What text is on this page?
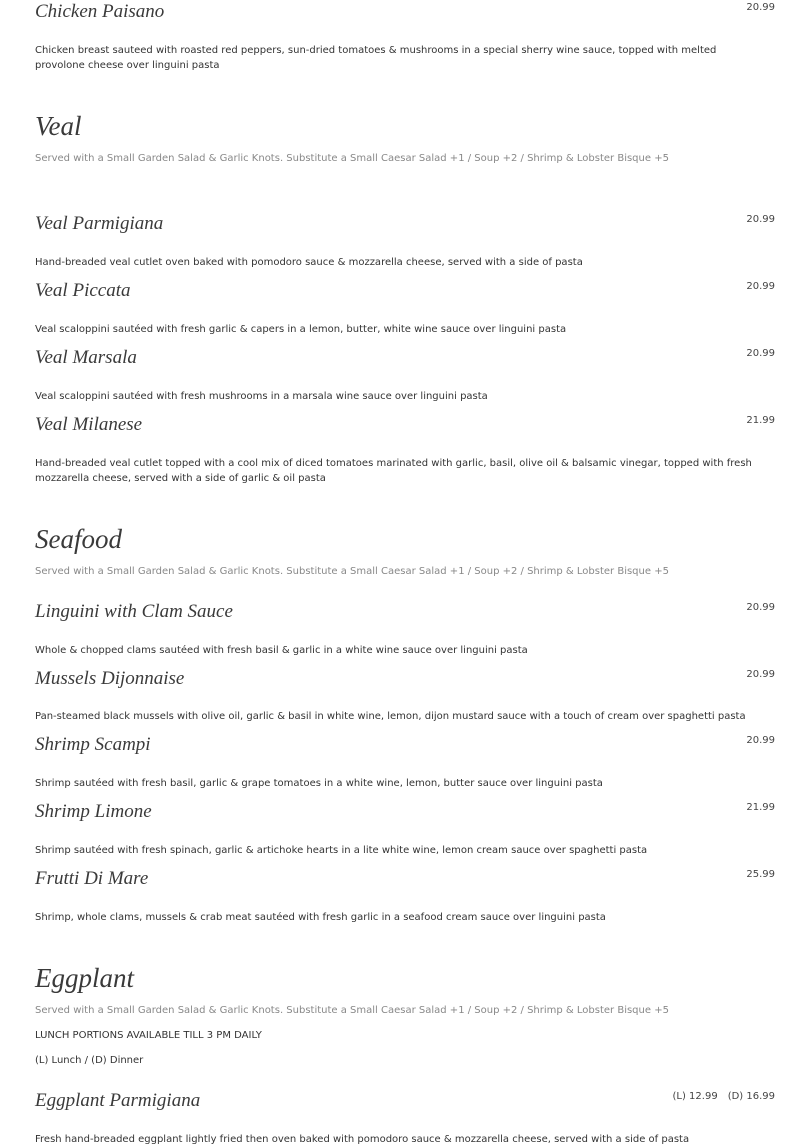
Chicken Paisano	20.99
Chicken breast sauteed with roasted red peppers, sun-dried tomatoes & mushrooms in a special sherry wine sauce, topped with melted provolone cheese over linguini pasta
Veal
Served with a Small Garden Salad & Garlic Knots. Substitute a Small Caesar Salad +1 / Soup +2 / Shrimp & Lobster Bisque +5
Veal Parmigiana	20.99
Hand-breaded veal cutlet oven baked with pomodoro sauce & mozzarella cheese, served with a side of pasta
Veal Piccata	20.99
Veal scaloppini sautéed with fresh garlic & capers in a lemon, butter, white wine sauce over linguini pasta
Veal Marsala	20.99
Veal scaloppini sautéed with fresh mushrooms in a marsala wine sauce over linguini pasta
Veal Milanese	21.99
Hand-breaded veal cutlet topped with a cool mix of diced tomatoes marinated with garlic, basil, olive oil & balsamic vinegar, topped with fresh mozzarella cheese, served with a side of garlic & oil pasta
Seafood
Served with a Small Garden Salad & Garlic Knots. Substitute a Small Caesar Salad +1 / Soup +2 / Shrimp & Lobster Bisque +5
Linguini with Clam Sauce	20.99
Whole & chopped clams sautéed with fresh basil & garlic in a white wine sauce over linguini pasta
Mussels Dijonnaise	20.99
Pan-steamed black mussels with olive oil, garlic & basil in white wine, lemon, dijon mustard sauce with a touch of cream over spaghetti pasta
Shrimp Scampi	20.99
Shrimp sautéed with fresh basil, garlic & grape tomatoes in a white wine, lemon, butter sauce over linguini pasta
Shrimp Limone	21.99
Shrimp sautéed with fresh spinach, garlic & artichoke hearts in a lite white wine, lemon cream sauce over spaghetti pasta
Frutti Di Mare	25.99
Shrimp, whole clams, mussels & crab meat sautéed with fresh garlic in a seafood cream sauce over linguini pasta
Eggplant
Served with a Small Garden Salad & Garlic Knots. Substitute a Small Caesar Salad +1 / Soup +2 / Shrimp & Lobster Bisque +5
LUNCH PORTIONS AVAILABLE TILL 3 PM DAILY
(L) Lunch / (D) Dinner
Eggplant Parmigiana	(L) 12.99 (D) 16.99
Fresh hand-breaded eggplant lightly fried then oven baked with pomodoro sauce & mozzarella cheese, served with a side of pasta
